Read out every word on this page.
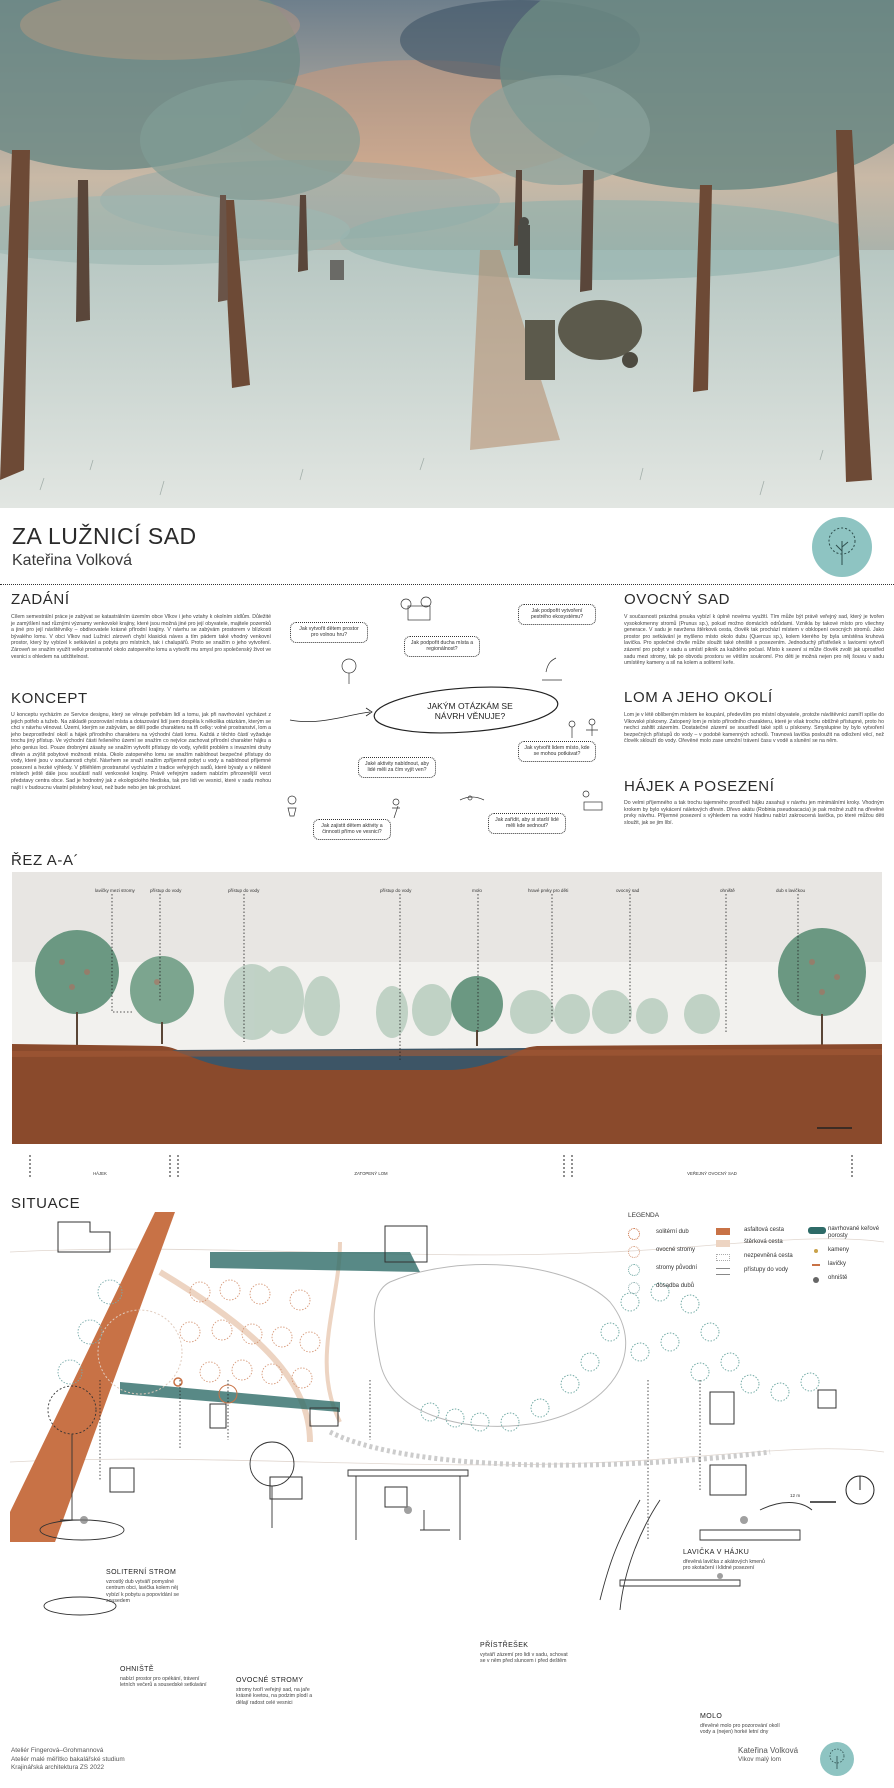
ZA LUŽNICÍ SAD
Kateřina Volková
ZADÁNÍ
Cílem semestrální práce je zabývat se katastrálním územím obce Vlkov i jeho vztahy k okolním sídlům. Důležité je zamýšlení nad různými významy venkovské krajiny, které jsou možná jiné pro její obyvatele, majitele pozemků a jiné pro její návštěvníky – obdivovatele krásné přírodní krajiny. V návrhu se zabývám prostorem v blízkosti bývalého lomu. V obci Vlkov nad Lužnicí zároveň chybí klasická náves a tím pádem také vhodný venkovní prostor, který by vybízel k setkávání a pobytu pro místních, tak i chalupářů. Proto se snažím o jeho vytvoření. Zároveň se snažím využít velké prostranství okolo zatopeného lomu a vytvořit mu smysl pro společenský život ve vesnici s ohledem na udržitelnost.
KONCEPT
U konceptu vycházím ze Service designu, který se věnuje potřebám lidí a tomu, jak při navrhování vycházet z jejich potřeb a tužeb. Na základě pozorování místa a dotazování lidí jsem dospěla k několika otázkám, kterým se chci v návrhu věnovat. Území, kterým se zabývám, se dělí podle charakteru na tři celky: volné prostranství, lom a jeho bezprostřední okolí a hájek přírodního charakteru na východní části lomu. Každá z těchto částí vyžaduje trochu jiný přístup. Ve východní části řešeného území se snažím co nejvíce zachovat přírodní charakter hájku a jeho genius loci. Pouze drobnými zásahy se snažím vytvořit přístupy do vody, vyřešit problém s invazními druhy dřevin a zvýšit pobytové možnosti místa. Okolo zatopeného lomu se snažím nabídnout bezpečné přístupy do vody, které jsou v současnosti chybí. Návrhem se snaží snažím zpříjemnit pobyt u vody a nabídnout příjemné posezení a hezké výhledy. V přiléhlém prostranství vycházím z tradice veřejných sadů, které bývaly a v některé místech ještě dále jsou součástí naší venkovské krajiny. Právě veřejným sadem nabízím přirozenější verzi představy centra obce. Sad je hodnotný jak z ekologického hlediska, tak pro lidi ve vesnici, které v sadu mohou najít i v budoucnu vlastní pěstebný kout, než bude nebo jen tak procházet.
OVOCNÝ SAD
V současnosti prázdná prsuka vybízí k úplně novému využití. Tím může být právě veřejný sad, který je tvořen vysokokmenny stromů (Prunus sp.), pokud možno domácích odrůdami. Vznikla by takové místo pro všechny generace. V sadu je navržena štěrková cesta, člověk tak prochází místem v obklopení ovocných stromů. Jako prostor pro setkávání je myšleno místo okolo dubu (Quercus sp.), kolem kterého by byla umístěna kruhová lavička. Pro společné chvíle může sloužit také ohniště s posezením. Jednoduchý přístřešek s lavicemi vytvoří zázemí pro pobyt v sadu a umístí piknik za každého počasí. Místo k sezení si může člověk zvolit jak uprostřed sadu mezi stromy, tak po obvodu prostoru ve větším soukromí. Pro děti je možná nejen pro něj šouvu v sadu umístěny kameny a sil na kolem a soliterní keře.
LOM A JEHO OKOLÍ
Lom je v létě oblíbeným místem ke koupání, především pro místní obyvatele, protože návštěvníci zamíří spíše do Vlkovské pískovny. Zatopený lom je místo přírodního charakteru, které je však trochu obtížně přístupné, proto ho nechci zahltit zázemím. Dostatečné zázemí se soustředí také spíš u pískovny. Smyslupine by bylo vytvoření bezpečných přístupů do vody – v podobě kamenných schodů. Travnová lavička posloužit na odložení věcí, než člověk sklouží do vody. Ořevěné molo zase umožní trávení času v vodě a slunění se na něm.
HÁJEK A POSEZENÍ
Do velmi příjemného a tak trochu tajemného prostředí hájku zasahuji v návrhu jen minimálními kroky. Vhodným krokem by bylo vykácení náletových dřevin. Dřevo akátu (Robinia pseudoacacia) je pak možné zužít na dřevěné prvky návrhu. Příjemné posezení s výhledem na vodní hladinu nabízí zakroucená lavička, po které můžou děti sloužit, jak se jim líbí.
JAKÝM OTÁZKÁM SE NÁVRH VĚNUJE?
Jak vytvořit dětem prostor pro volnou hru?
Jak podpořit ducha místa a regionálnost?
Jak podpořit vytvoření pestrého ekosystému?
Jak vytvořit lidem místo, kde se mohou potkávat?
Jaké aktivity nabídnout, aby lidé měli za čím vyjít ven?
Jak zajistit dětem aktivity a činnosti přímo ve vesnici?
Jak zařídit, aby si starší lidé měli kde sednout?
ŘEZ A-A´
lavičky mezi stromy	přístup do vody	přístup do vody	přístup do vody	molo	hravé prvky pro děti	ovocný sad	ohniště	dub s lavičkou
HÁJEK	ZATOPENÝ LOM	VEŘEJNÝ OVOCNÝ SAD
SITUACE
12 m
LEGENDA
solitérní dub
ovocné stromy
stromy původní
dosadba dubů
asfaltová cesta
štěrková cesta
nezpevněná cesta
přístupy do vody
navrhované keřové porosty
kameny
lavičky
ohniště
SOLITERNÍ STROM
vzrostlý dub vytváří pomyslné centrum obci, lavička kolem něj vybízí k pobytu a popovídání se sousedem
OHNIŠTĚ
nabízí prostor pro opékání, trávení letních večerů a sousedské setkávání
OVOCNÉ STROMY
stromy tvoří veřejný sad, na jaře krásně kvetou, na podzim plodí a dělají radost celé vesnici
PŘÍSTŘEŠEK
vytváří zázemí pro lidi v sadu, schovat se v něm před sluncem i před deštěm
LAVIČKA V HÁJKU
dřevěná lavička z akátových kmenů pro skotačení i klidné posezení
MOLO
dřevěné molo pro pozorování okolí vody a (nejen) horké letní dny
Ateliér Fingerová–Grohmannová
Ateliér malé měřítko bakalářské studium
Krajinářská architektura ZS 2022
Kateřina Volková
Vlkov malý lom
